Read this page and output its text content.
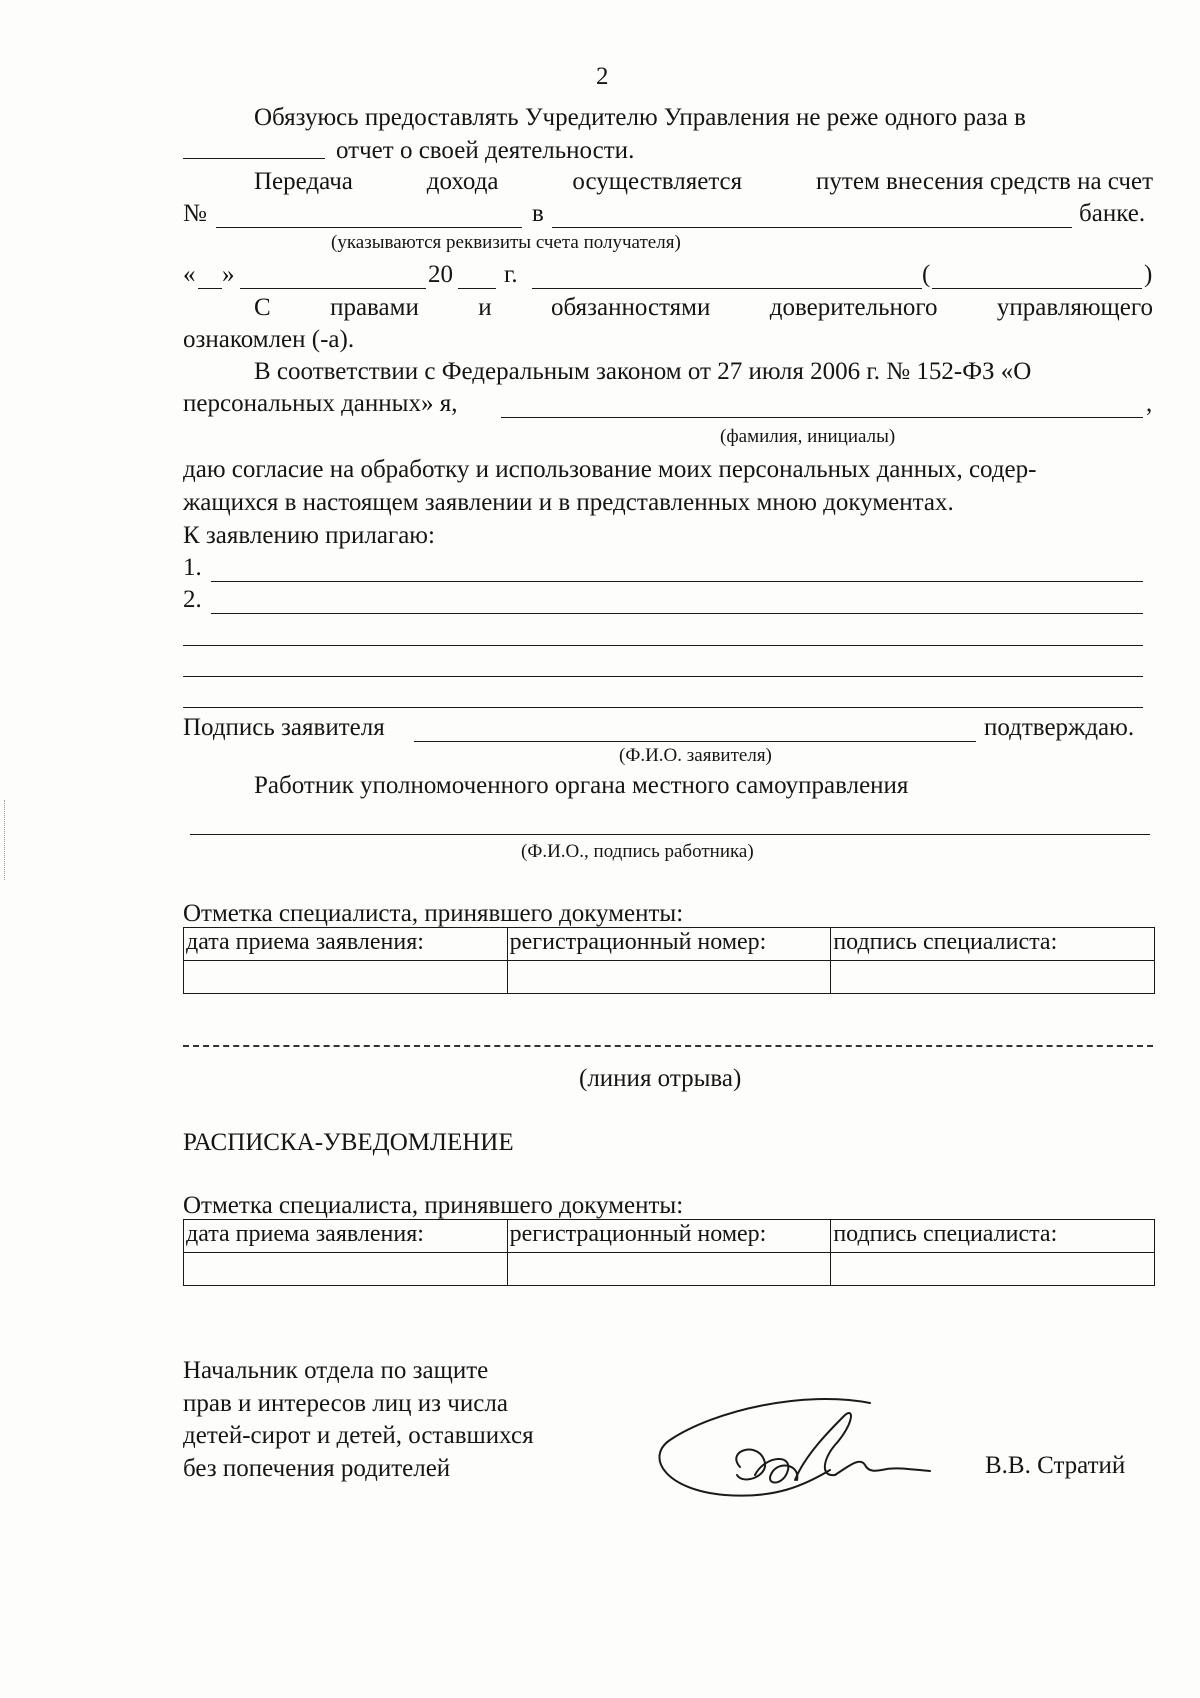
2
Обязуюсь предоставлять Учредителю Управления не реже одного раза в
отчет о своей деятельности.
Передача	дохода	осуществляется	путем внесения средств на счет
№	в	банке.
(указываются реквизиты счета получателя)
« »	20 г.	(	)
С правами и обязанностями доверительного управляющего
ознакомлен (-а).
В соответствии с Федеральным законом от 27 июля 2006 г. № 152-ФЗ «О
персональных данных» я,	,
(фамилия, инициалы)
даю согласие на обработку и использование моих персональных данных, содер-
жащихся в настоящем заявлении и в представленных мною документах.
К заявлению прилагаю:
1.
2.
Подпись заявителя	подтверждаю.
(Ф.И.О. заявителя)
Работник уполномоченного органа местного самоуправления
(Ф.И.О., подпись работника)
Отметка специалиста, принявшего документы:
дата приема заявления:	регистрационный номер:	подпись специалиста:

(линия отрыва)
РАСПИСКА-УВЕДОМЛЕНИЕ
Отметка специалиста, принявшего документы:
дата приема заявления:	регистрационный номер:	подпись специалиста:

Начальник отдела по защите
прав и интересов лиц из числа
детей-сирот и детей, оставшихся
без попечения родителей	В.В. Стратий
